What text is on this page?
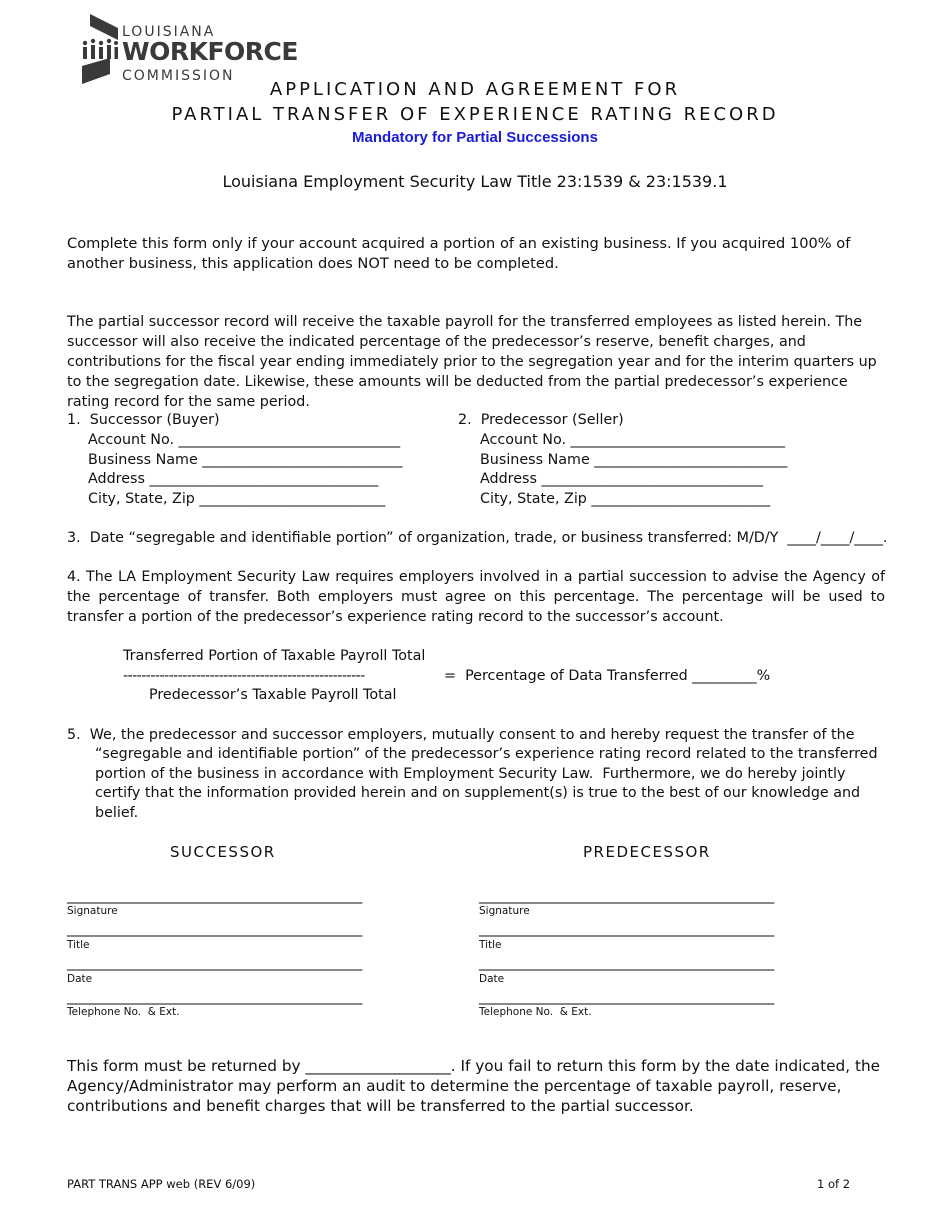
LOUISIANA
WORKFORCE
COMMISSION
APPLICATION AND AGREEMENT FOR
PARTIAL TRANSFER OF EXPERIENCE RATING RECORD
Mandatory for Partial Successions
Louisiana Employment Security Law Title 23:1539 & 23:1539.1

Complete this form only if your account acquired a portion of an existing business. If you acquired 100% of another business, this application does NOT need to be completed.

The partial successor record will receive the taxable payroll for the transferred employees as listed herein. The successor will also receive the indicated percentage of the predecessor’s reserve, benefit charges, and contributions for the fiscal year ending immediately prior to the segregation year and for the interim quarters up to the segregation date. Likewise, these amounts will be deducted from the partial predecessor’s experience rating record for the same period.

1.  Successor (Buyer)
Account No. _______________________________
Business Name ____________________________
Address ________________________________
City, State, Zip __________________________
2.  Predecessor (Seller)
Account No. ______________________________
Business Name ___________________________
Address _______________________________
City, State, Zip _________________________
3.  Date “segregable and identifiable portion” of organization, trade, or business transferred: M/D/Y  ____/____/____.

4. The LA Employment Security Law requires employers involved in a partial succession to advise the Agency of the percentage of transfer. Both employers must agree on this percentage. The percentage will be used to transfer a portion of the predecessor’s experience rating record to the successor’s account.

Transferred Portion of Taxable Payroll Total
-----------------------------------------------------	=  Percentage of Data Transferred _________%
Predecessor’s Taxable Payroll Total
5.  We, the predecessor and successor employers, mutually consent to and hereby request the transfer of the
“segregable and identifiable portion” of the predecessor’s experience rating record related to the transferred
portion of the business in accordance with Employment Security Law.  Furthermore, we do hereby jointly
certify that the information provided herein and on supplement(s) is true to the best of our knowledge and
belief.
SUCCESSOR	PREDECESSOR
_____________________________________________
Signature
_____________________________________________
Title
_____________________________________________
Date
_____________________________________________
Telephone No.  & Ext.
_____________________________________________
Signature
_____________________________________________
Title
_____________________________________________
Date
_____________________________________________
Telephone No.  & Ext.

This form must be returned by ___________________. If you fail to return this form by the date indicated, the Agency/Administrator may perform an audit to determine the percentage of taxable payroll, reserve, contributions and benefit charges that will be transferred to the partial successor.

PART TRANS APP web (REV 6/09)	1 of 2
